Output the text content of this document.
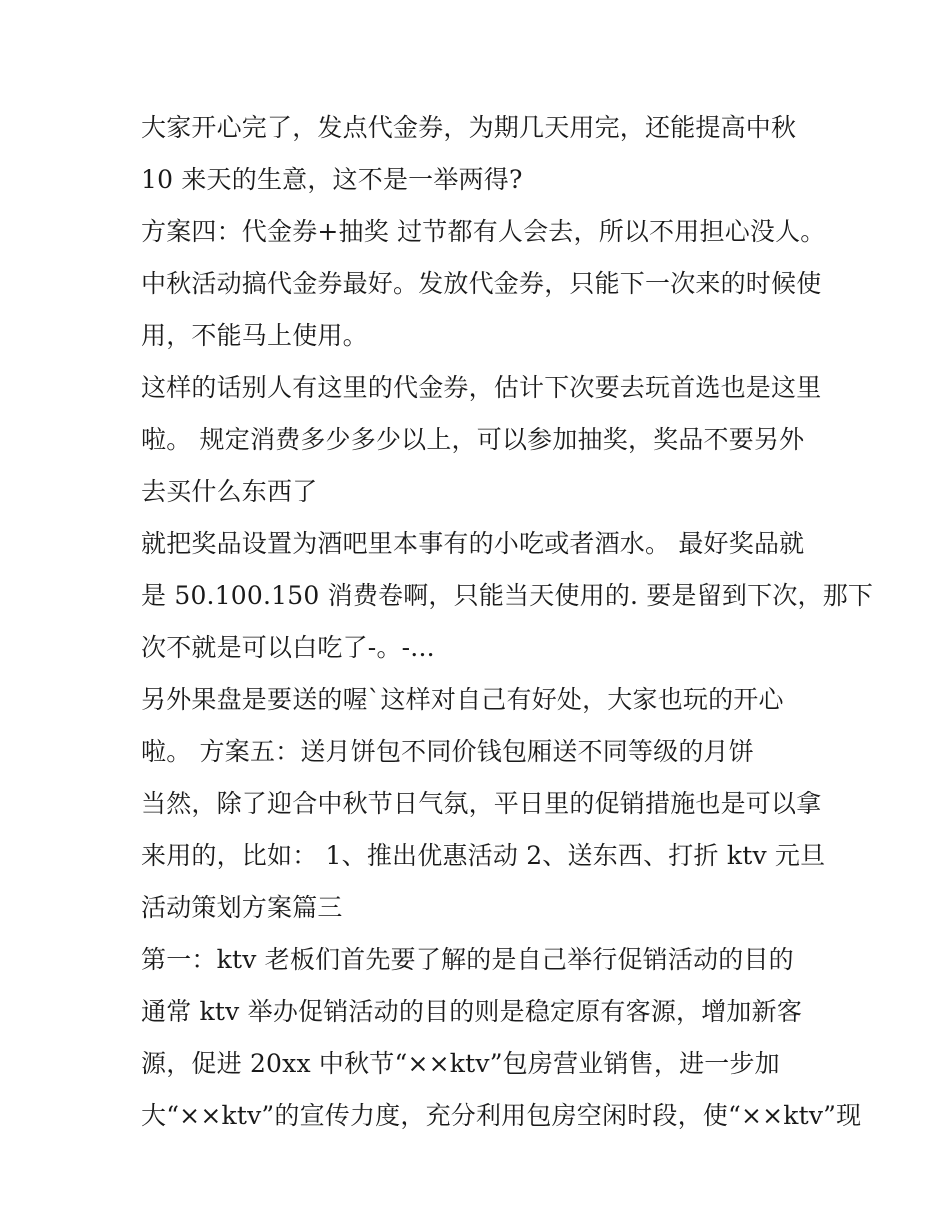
大家开心完了，发点代金券，为期几天用完，还能提高中秋
10 来天的生意，这不是一举两得?
方案四：代金券+抽奖 过节都有人会去，所以不用担心没人。
中秋活动搞代金券最好。发放代金券，只能下一次来的时候使
用，不能马上使用。
这样的话别人有这里的代金券，估计下次要去玩首选也是这里
啦。 规定消费多少多少以上，可以参加抽奖，奖品不要另外
去买什么东西了
就把奖品设置为酒吧里本事有的小吃或者酒水。 最好奖品就
是 50.100.150 消费卷啊，只能当天使用的. 要是留到下次，那下
次不就是可以白吃了-。-...
另外果盘是要送的喔`这样对自己有好处，大家也玩的开心
啦。 方案五：送月饼包不同价钱包厢送不同等级的月饼
当然，除了迎合中秋节日气氛，平日里的促销措施也是可以拿
来用的，比如： 1、推出优惠活动 2、送东西、打折 ktv 元旦
活动策划方案篇三
第一：ktv 老板们首先要了解的是自己举行促销活动的目的
通常 ktv 举办促销活动的目的则是稳定原有客源，增加新客
源，促进 20xx 中秋节“××ktv”包房营业销售，进一步加
大“××ktv”的宣传力度，充分利用包房空闲时段，使“××ktv”现
